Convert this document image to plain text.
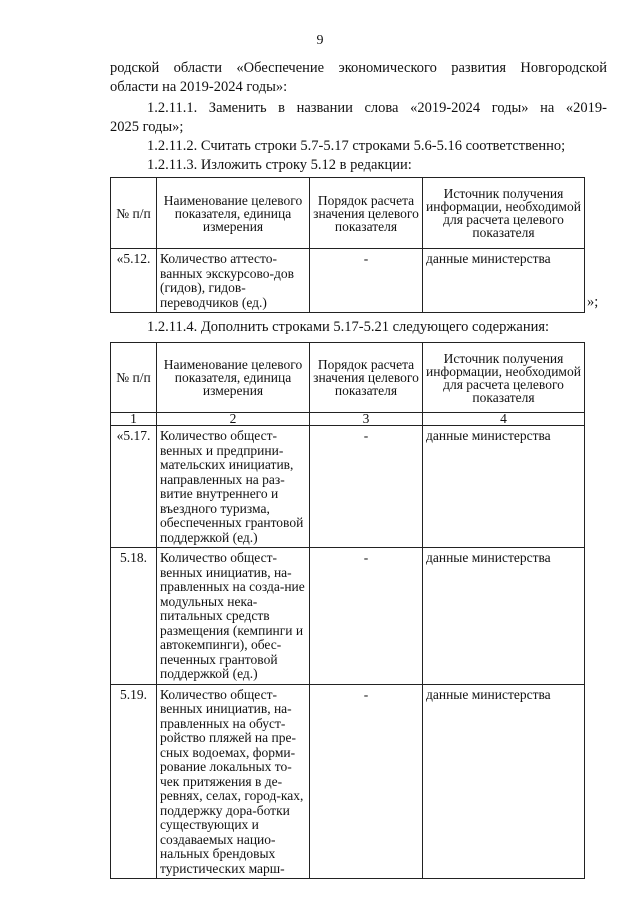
9
родской области «Обеспечение экономического развития Новгородской
области на 2019-2024 годы»:
1.2.11.1. Заменить в названии слова «2019-2024 годы» на «2019-
2025 годы»;
1.2.11.2. Считать строки 5.7-5.17 строками 5.6-5.16 соответственно;
1.2.11.3. Изложить строку 5.12 в редакции:
№ п/п	Наименование целевого показателя, единица измерения	Порядок расчета значения целевого показателя	Источник получения информации, необходимой для расчета целевого показателя
«5.12.	Количество аттесто-ванных экскурсово-дов (гидов), гидов-переводчиков (ед.)	-	данные министерства
»;
1.2.11.4. Дополнить строками 5.17-5.21 следующего содержания:
№ п/п	Наименование целевого показателя, единица измерения	Порядок расчета значения целевого показателя	Источник получения информации, необходимой для расчета целевого показателя
1	2	3	4
«5.17.	Количество общест-венных и предприни-мательских инициатив, направленных на раз-витие внутреннего и въездного туризма, обеспеченных грантовой поддержкой (ед.)	-	данные министерства
5.18.	Количество общест-венных инициатив, на-правленных на созда-ние модульных нека-питальных средств размещения (кемпинги и автокемпинги), обес-печенных грантовой поддержкой (ед.)	-	данные министерства
5.19.	Количество общест-венных инициатив, на-правленных на обуст-ройство пляжей на пре-сных водоемах, форми-рование локальных то-чек притяжения в де-ревнях, селах, город-ках, поддержку дора-ботки существующих и создаваемых нацио-нальных брендовых туристических марш-	-	данные министерства
